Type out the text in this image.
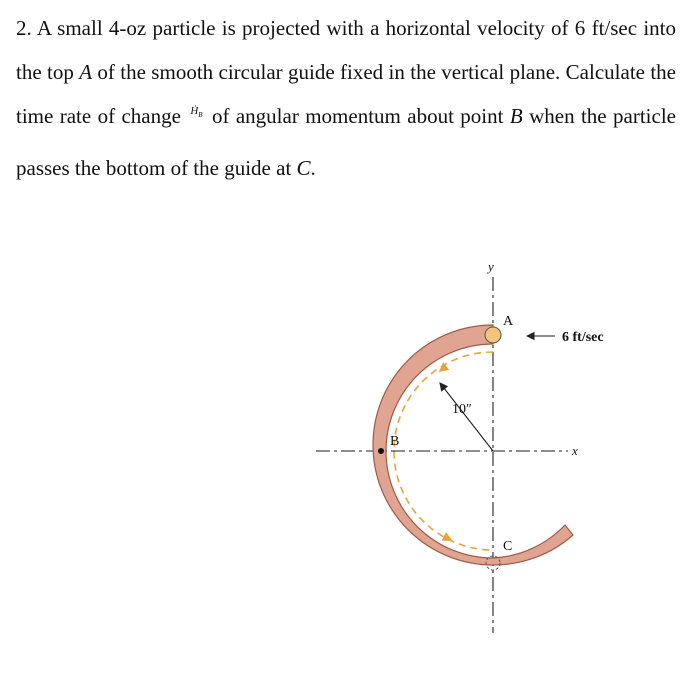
2. A small 4-oz particle is projected with a horizontal velocity of 6 ft/sec into the top A of the smooth circular guide fixed in the vertical plane. Calculate the time rate of change $^{Ḣ_B}$ of angular momentum about point B when the particle passes the bottom of the guide at C.

10″
6 ft/sec
y
x
A
B
C
